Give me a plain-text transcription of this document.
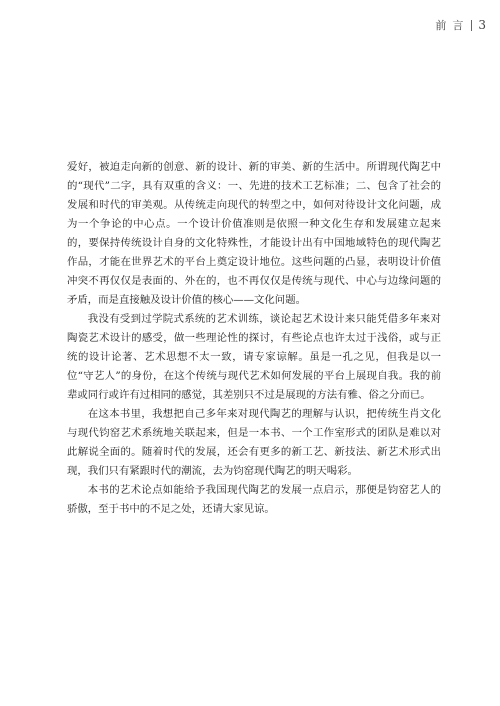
前言 3

爱好，被迫走向新的创意、新的设计、新的审美、新的生活中。所谓现代陶艺中的“现代”二字，具有双重的含义：一、先进的技术工艺标准；二、包含了社会的发展和时代的审美观。从传统走向现代的转型之中，如何对待设计文化问题，成为一个争论的中心点。一个设计价值准则是依照一种文化生存和发展建立起来的，要保持传统设计自身的文化特殊性，才能设计出有中国地域特色的现代陶艺作品，才能在世界艺术的平台上奠定设计地位。这些问题的凸显，表明设计价值冲突不再仅仅是表面的、外在的，也不再仅仅是传统与现代、中心与边缘问题的矛盾，而是直接触及设计价值的核心——文化问题。

我没有受到过学院式系统的艺术训练，谈论起艺术设计来只能凭借多年来对陶瓷艺术设计的感受，做一些理论性的探讨，有些论点也许太过于浅俗，或与正统的设计论著、艺术思想不太一致，请专家谅解。虽是一孔之见，但我是以一位“守艺人”的身份，在这个传统与现代艺术如何发展的平台上展现自我。我的前辈或同行或许有过相同的感觉，其差别只不过是展现的方法有雅、俗之分而已。

在这本书里，我想把自己多年来对现代陶艺的理解与认识，把传统生肖文化与现代钧窑艺术系统地关联起来，但是一本书、一个工作室形式的团队是难以对此解说全面的。随着时代的发展，还会有更多的新工艺、新技法、新艺术形式出现，我们只有紧跟时代的潮流，去为钧窑现代陶艺的明天喝彩。

本书的艺术论点如能给予我国现代陶艺的发展一点启示，那便是钧窑艺人的骄傲，至于书中的不足之处，还请大家见谅。
